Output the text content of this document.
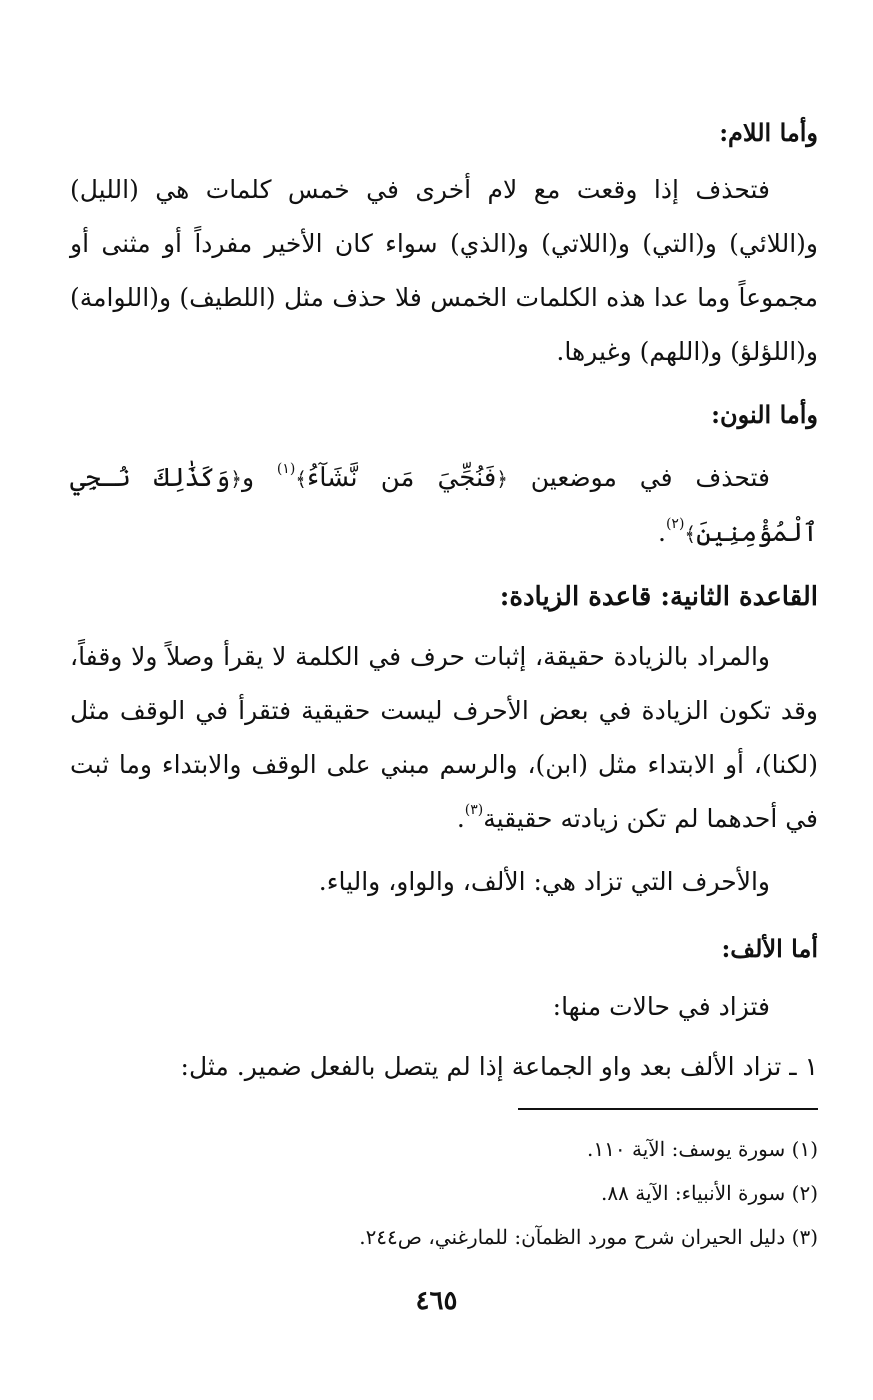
وأما اللام:
فتحذف إذا وقعت مع لام أخرى في خمس كلمات هي (الليل) و(اللائي) و(التي) و(اللاتي) و(الذي) سواء كان الأخير مفرداً أو مثنى أو مجموعاً وما عدا هذه الكلمات الخمس فلا حذف مثل (اللطيف) و(اللوامة) و(اللؤلؤ) و(اللهم) وغيرها.
وأما النون:
فتحذف في موضعين ﴿فَنُجِّيَ مَن نَّشَآءُ﴾$^{(١)}$ و﴿وَكَذَٰلِكَ نُـجِي ٱلْمُؤْمِنِينَ﴾$^{(٢)}$.
القاعدة الثانية: قاعدة الزيادة:
والمراد بالزيادة حقيقة، إثبات حرف في الكلمة لا يقرأ وصلاً ولا وقفاً، وقد تكون الزيادة في بعض الأحرف ليست حقيقية فتقرأ في الوقف مثل (لكنا)، أو الابتداء مثل (ابن)، والرسم مبني على الوقف والابتداء وما ثبت في أحدهما لم تكن زيادته حقيقية$^{(٣)}$.
والأحرف التي تزاد هي: الألف، والواو، والياء.
أما الألف:
فتزاد في حالات منها:
١ ـ تزاد الألف بعد واو الجماعة إذا لم يتصل بالفعل ضمير. مثل:
(١) سورة يوسف: الآية ١١٠.
(٢) سورة الأنبياء: الآية ٨٨.
(٣) دليل الحيران شرح مورد الظمآن: للمارغني، ص٢٤٤.
٤٦٥
